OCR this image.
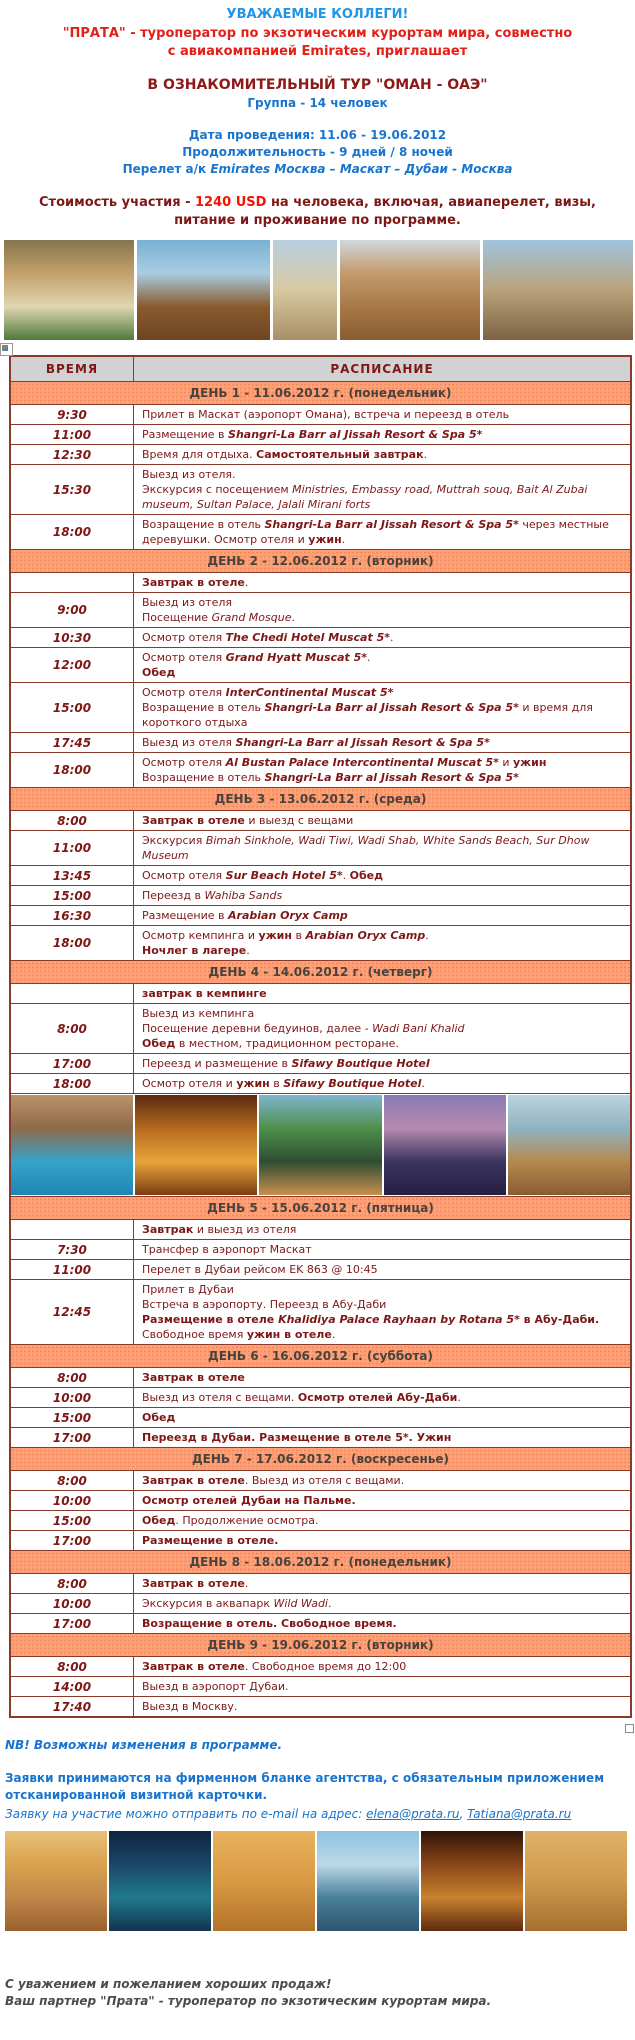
УВАЖАЕМЫЕ КОЛЛЕГИ!
"ПРАТА" - туроператор по экзотическим курортам мира, совместно
с авиакомпанией Emirates, приглашает
В ОЗНАКОМИТЕЛЬНЫЙ ТУР "ОМАН - ОАЭ"
Группа - 14 человек
Дата проведения: 11.06 - 19.06.2012
Продолжительность - 9 дней / 8 ночей
Перелет а/к Emirates Москва – Маскат – Дубаи - Москва
Стоимость участия - 1240 USD на человека, включая, авиаперелет, визы,
питание и проживание по программе.
ВРЕМЯ	РАСПИСАНИЕ
ДЕНЬ 1 - 11.06.2012 г. (понедельник)	
9:30	Прилет в Маскат (аэропорт Омана), встреча и переезд в отель
11:00	Размещение в Shangri-La Barr al Jissah Resort & Spa 5*
12:30	Время для отдыха. Самостоятельный завтрак.
15:30	Выезд из отеля.
Экскурсия с посещением Ministries, Embassy road, Muttrah souq, Bait Al Zubai museum, Sultan Palace, Jalali Mirani forts
18:00	Возращение в отель Shangri-La Barr al Jissah Resort & Spa 5* через местные деревушки. Осмотр отеля и ужин.
ДЕНЬ 2 - 12.06.2012 г. (вторник)	
	Завтрак в отеле.
9:00	Выезд из отеля
Посещение Grand Mosque.
10:30	Осмотр отеля The Chedi Hotel Muscat 5*.
12:00	Осмотр отеля Grand Hyatt Muscat 5*.
Обед
15:00	Осмотр отеля InterContinental Muscat 5*
Возращение в отель Shangri-La Barr al Jissah Resort & Spa 5* и время для короткого отдыха
17:45	Выезд из отеля Shangri-La Barr al Jissah Resort & Spa 5*
18:00	Осмотр отеля Al Bustan Palace Intercontinental Muscat 5* и ужин
Возращение в отель Shangri-La Barr al Jissah Resort & Spa 5*
ДЕНЬ 3 - 13.06.2012 г. (среда)	
8:00	Завтрак в отеле и выезд с вещами
11:00	Экскурсия Bimah Sinkhole, Wadi Tiwi, Wadi Shab, White Sands Beach, Sur Dhow Museum
13:45	Осмотр отеля Sur Beach Hotel 5*. Обед
15:00	Переезд в Wahiba Sands
16:30	Размещение в Arabian Oryx Camp
18:00	Осмотр кемпинга и ужин в Arabian Oryx Camp.
Ночлег в лагере.
ДЕНЬ 4 - 14.06.2012 г. (четверг)	
	завтрак в кемпинге
8:00	Выезд из кемпинга
Посещение деревни бедуинов, далее - Wadi Bani Khalid
Обед в местном, традиционном ресторане.
17:00	Переезд и размещение в Sifawy Boutique Hotel
18:00	Осмотр отеля и ужин в Sifawy Boutique Hotel.

ДЕНЬ 5 - 15.06.2012 г. (пятница)	
	Завтрак и выезд из отеля
7:30	Трансфер в аэропорт Маскат
11:00	Перелет в Дубаи рейсом EK 863 @ 10:45
12:45	Прилет в Дубаи
Встреча в аэропорту. Переезд в Абу-Даби
Размещение в отеле Khalidiya Palace Rayhaan by Rotana 5* в Абу-Даби.
Свободное время ужин в отеле.
ДЕНЬ 6 - 16.06.2012 г. (суббота)	
8:00	Завтрак в отеле
10:00	Выезд из отеля с вещами. Осмотр отелей Абу-Даби.
15:00	Обед
17:00	Переезд в Дубаи. Размещение в отеле 5*. Ужин
ДЕНЬ 7 - 17.06.2012 г. (воскресенье)	
8:00	Завтрак в отеле. Выезд из отеля с вещами.
10:00	Осмотр отелей Дубаи на Пальме.
15:00	Обед. Продолжение осмотра.
17:00	Размещение в отеле.
ДЕНЬ 8 - 18.06.2012 г. (понедельник)	
8:00	Завтрак в отеле.
10:00	Экскурсия в аквапарк Wild Wadi.
17:00	Возращение в отель. Свободное время.
ДЕНЬ 9 - 19.06.2012 г. (вторник)	
8:00	Завтрак в отеле. Свободное время до 12:00
14:00	Выезд в аэропорт Дубаи.
17:40	Выезд в Москву.
NB! Возможны изменения в программе.
Заявки принимаются на фирменном бланке агентства, с обязательным приложением
отсканированной визитной карточки.
Заявку на участие можно отправить по e-mail на адрес: elena@prata.ru, Tatiana@prata.ru
С уважением и пожеланием хороших продаж!
Ваш партнер "Прата" - туроператор по экзотическим курортам мира.
